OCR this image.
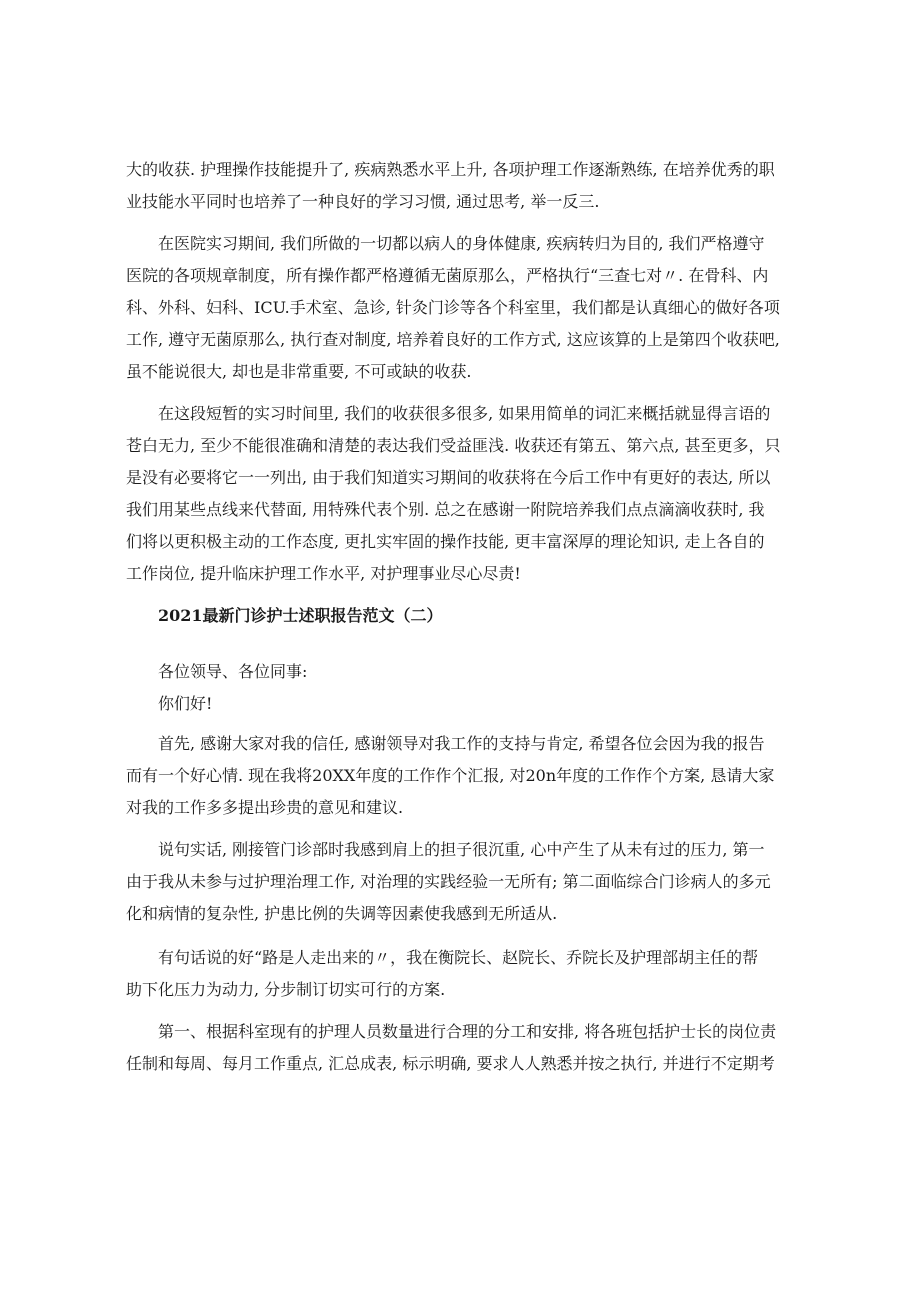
大的收获. 护理操作技能提升了, 疾病熟悉水平上升, 各项护理工作逐渐熟练, 在培养优秀的职

业技能水平同时也培养了一种良好的学习习惯, 通过思考, 举一反三.

在医院实习期间, 我们所做的一切都以病人的身体健康, 疾病转归为目的, 我们严格遵守

医院的各项规章制度，所有操作都严格遵循无菌原那么，严格执行“三查七对〃. 在骨科、内

科、外科、妇科、ICU.手术室、急诊, 针灸门诊等各个科室里，我们都是认真细心的做好各项

工作, 遵守无菌原那么, 执行查对制度, 培养着良好的工作方式, 这应该算的上是第四个收获吧,

虽不能说很大, 却也是非常重要, 不可或缺的收获.

在这段短暂的实习时间里, 我们的收获很多很多, 如果用简单的词汇来概括就显得言语的

苍白无力, 至少不能很准确和清楚的表达我们受益匪浅. 收获还有第五、第六点, 甚至更多，只

是没有必要将它一一列出, 由于我们知道实习期间的收获将在今后工作中有更好的表达, 所以

我们用某些点线来代替面, 用特殊代表个别. 总之在感谢一附院培养我们点点滴滴收获时, 我

们将以更积极主动的工作态度, 更扎实牢固的操作技能, 更丰富深厚的理论知识, 走上各自的

工作岗位, 提升临床护理工作水平, 对护理事业尽心尽责!

2021最新门诊护士述职报告范文（二）

各位领导、各位同事:

你们好!

首先, 感谢大家对我的信任, 感谢领导对我工作的支持与肯定, 希望各位会因为我的报告

而有一个好心情. 现在我将20XX年度的工作作个汇报, 对20n年度的工作作个方案, 恳请大家

对我的工作多多提出珍贵的意见和建议.

说句实话, 刚接管门诊部时我感到肩上的担子很沉重, 心中产生了从未有过的压力, 第一

由于我从未参与过护理治理工作, 对治理的实践经验一无所有; 第二面临综合门诊病人的多元

化和病情的复杂性, 护患比例的失调等因素使我感到无所适从.

有句话说的好“路是人走出来的〃，我在衡院长、赵院长、乔院长及护理部胡主任的帮

助下化压力为动力, 分步制订切实可行的方案.

第一、根据科室现有的护理人员数量进行合理的分工和安排, 将各班包括护士长的岗位责

任制和每周、每月工作重点, 汇总成表, 标示明确, 要求人人熟悉并按之执行, 并进行不定期考
